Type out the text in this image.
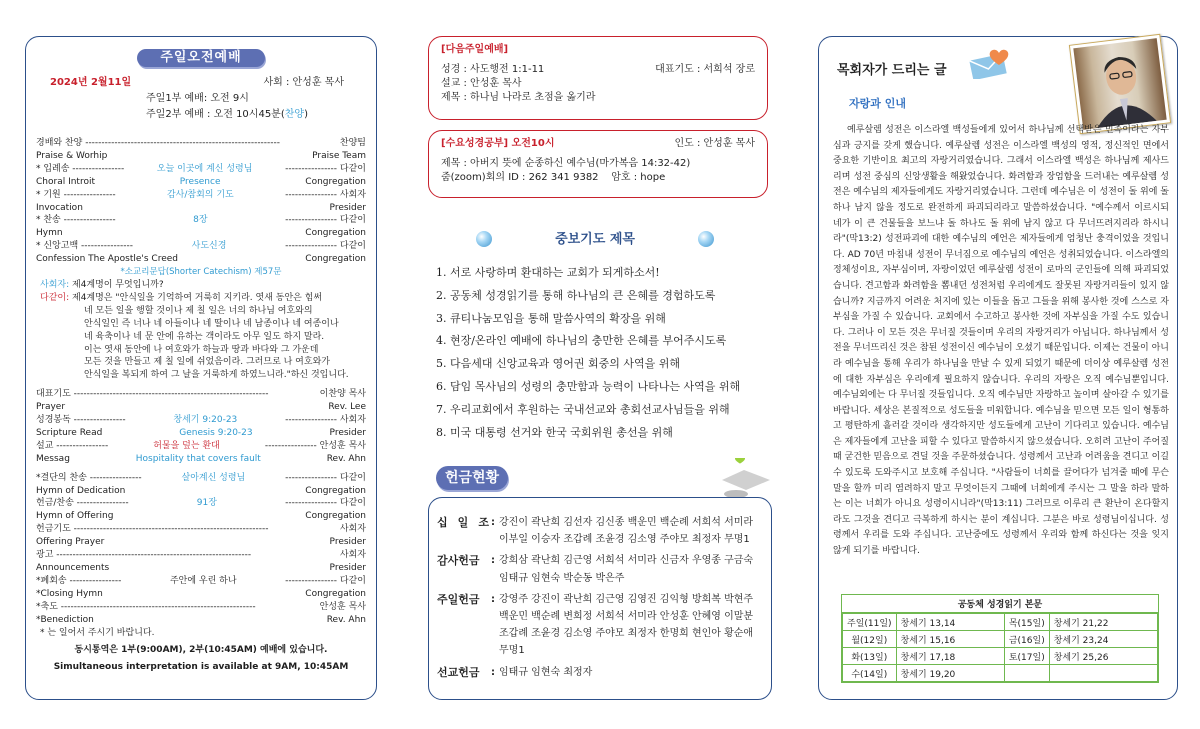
주일오전예배
2024년 2월11일	사회 : 안성훈 목사
주일1부 예배: 오전 9시
주일2부 예배 : 오전 10시45분(찬양)
경배와 찬양 ------------------------------------------------------------	찬양팀
Praise & Worhip	Praise Team
* 입례송 ----------------	오늘 이곳에 계신 성령님	---------------- 다같이
Choral Introit	Presence	Congregation
* 기원 ----------------	감사/참회의 기도	---------------- 사회자
Invocation	Presider
* 찬송 ----------------	8장	---------------- 다같이
Hymn	Congregation
* 신앙고백 ----------------	사도신경	---------------- 다같이
Confession The Apostle's Creed	Congregation
*소교리문답(Shorter Catechism) 제57문
사회자: 제4계명이 무엇입니까?
다같이: 제4계명은 "안식일을 기억하여 거룩히 지키라. 엿새 동안은 힘써
네 모든 일을 행할 것이나 제 칠 일은 너의 하나님 여호와의
안식일인 즉 너나 네 아들이나 네 딸이나 네 남종이나 네 여종이나
네 육축이나 네 문 안에 유하는 객이라도 아무 일도 하지 말라.
이는 엿새 동안에 나 여호와가 하늘과 땅과 바다와 그 가운데
모든 것을 만들고 제 칠 일에 쉬었음이라. 그러므로 나 여호와가
안식일을 복되게 하여 그 날을 거룩하게 하였느니라."하신 것입니다.
대표기도 ------------------------------------------------------------	이찬양 목사
Prayer	Rev. Lee
성경봉독 ----------------	창세기 9:20-23	---------------- 사회자
Scripture Read	Genesis 9:20-23	Presider
설교 ----------------	허물을 덮는 환대	---------------- 안성훈 목사
Messag	Hospitality that covers fault	Rev. Ahn
*결단의 찬송 ----------------	살아계신 성령님	---------------- 다같이
Hymn of Dedication	Congregation
헌금/찬송 ----------------	91장	---------------- 다같이
Hymn of Offering	Congregation
헌금기도 ------------------------------------------------------------	사회자
Offering Prayer	Presider
광고 ------------------------------------------------------------	사회자
Announcements	Presider
*폐회송 ----------------	주안에 우린 하나	---------------- 다같이
*Closing Hymn	Congregation
*축도 ------------------------------------------------------------	안성훈 목사
*Benediction	Rev. Ahn
* 는 일어서 주시기 바랍니다.
동시통역은 1부(9:00AM), 2부(10:45AM) 예배에 있습니다.
Simultaneous interpretation is available at 9AM, 10:45AM
[다음주일예배]
성경 : 사도행전 1:1-11	대표기도 : 서희석 장로
설교 : 안성훈 목사
제목 : 하나님 나라로 초점을 옮기라
[수요성경공부] 오전10시	인도 : 안성훈 목사
제목 : 아버지 뜻에 순종하신 예수님(마가복음 14:32-42)
줌(zoom)회의 ID : 262 341 9382    암호 : hope
중보기도 제목
1. 서로 사랑하며 환대하는 교회가 되게하소서!
2. 공동체 성경읽기를 통해 하나님의 큰 은혜를 경험하도록
3. 큐티나눔모임을 통해 말씀사역의 확장을 위해
4. 현장/온라인 예배에 하나님의 충만한 은혜를 부어주시도록
5. 다음세대 신앙교육과 영어권 회중의 사역을 위해
6. 담임 목사님의 성령의 충만함과 능력이 나타나는 사역을 위해
7. 우리교회에서 후원하는 국내선교와 총회선교사님들을 위해
8. 미국 대통령 선거와 한국 국회위원 총선을 위해
헌금현황
십 일 조 : 강진이 곽난희 김선자 김신종 백운민 백순례 서희석 서미라 이부일 이승자 조갑례 조윤경 김소영 주야모 최정자 무명1
감사헌금	: 강희삼 곽난희 김근영 서희석 서미라 신금자 우영종 구금숙 임태규 임현숙 박순동 박은주
주일헌금	: 강영주 강진이 곽난희 김근영 김영진 김익형 방희복 박현주 백운민 백순례 변희정 서희석 서미라 안성훈 안혜영 이말분 조갑례 조윤경 김소영 주야모 최정자 한명희 현인아 황순애 무명1
선교헌금	: 임태규 임현숙 최정자
목회자가 드리는 글
자랑과 인내
예루살렘 성전은 이스라엘 백성들에게 있어서 하나님께 선택받은 민족이라는 자부심과 긍지를 갖게 했습니다. 예루살렘 성전은 이스라엘 백성의 영적, 정신적인 면에서 중요한 기반이요 최고의 자랑거리였습니다. 그래서 이스라엘 백성은 하나님께 제사드리며 성전 중심의 신앙생활을 해왔었습니다. 화려함과 장엄함을 드러내는 예루살렘 성전은 예수님의 제자들에게도 자랑거리였습니다. 그런데 예수님은 이 성전이 돌 위에 돌 하나 남지 않을 정도로 완전하게 파괴되리라고 말씀하셨습니다. "예수께서 이르시되 네가 이 큰 건물들을 보느냐 돌 하나도 돌 위에 남지 않고 다 무너뜨려지리라 하시니라"(막13:2) 성전파괴에 대한 예수님의 예언은 제자들에게 엄청난 충격이었을 것입니다. AD 70년 마침내 성전이 무너짐으로 예수님의 예언은 성취되었습니다. 이스라엘의 정체성이요, 자부심이며, 자랑이었던 예루살렘 성전이 로마의 군인들에 의해 파괴되었습니다. 견고함과 화려함을 뽐내던 성전처럼 우리에게도 잘못된 자랑거리들이 있지 않습니까? 지금까지 어려운 처지에 있는 이들을 돕고 그들을 위해 봉사한 것에 스스로 자부심을 가질 수 있습니다. 교회에서 수고하고 봉사한 것에 자부심을 가질 수도 있습니다. 그러나 이 모든 것은 무너질 것들이며 우리의 자랑거리가 아닙니다. 하나님께서 성전을 무너뜨리신 것은 참된 성전이신 예수님이 오셨기 때문입니다. 이제는 건물이 아니라 예수님을 통해 우리가 하나님을 만날 수 있게 되었기 때문에 더이상 예루살렘 성전에 대한 자부심은 우리에게 필요하지 않습니다. 우리의 자랑은 오직 예수님뿐입니다. 예수님외에는 다 무너질 것들입니다. 오직 예수님만 자랑하고 높이며 살아갈 수 있기를 바랍니다. 세상은 본질적으로 성도들을 미워합니다. 예수님을 믿으면 모든 일이 형통하고 평탄하게 흘러갈 것이라 생각하지만 성도들에게 고난이 기다리고 있습니다. 예수님은 제자들에게 고난을 피할 수 있다고 말씀하시지 않으셨습니다. 오히려 고난이 주어질때 굳건한 믿음으로 견딜 것을 주문하셨습니다. 성령께서 고난과 어려움을 견디고 이길 수 있도록 도와주시고 보호해 주십니다. "사람들이 너희를 끌어다가 넘겨줄 때에 무슨 말을 할까 미리 염려하지 말고 무엇이든지 그때에 너희에게 주시는 그 말을 하라 말하는 이는 너희가 아니요 성령이시니라"(막13:11) 그러므로 이루리 큰 환난이 온다할지라도 그것을 견디고 극복하게 하시는 분이 계십니다. 그분은 바로 성령님이십니다. 성령께서 우리를 도와 주십니다. 고난중에도 성령께서 우리와 함께 하신다는 것을 잊지 않게 되기를 바랍니다.
공동체 성경읽기 본문
주일(11일)	창세기 13,14	목(15일)	창세기 21,22
월(12일)	창세기 15,16	금(16일)	창세기 23,24
화(13일)	창세기 17,18	토(17일)	창세기 25,26
수(14일)	창세기 19,20		
